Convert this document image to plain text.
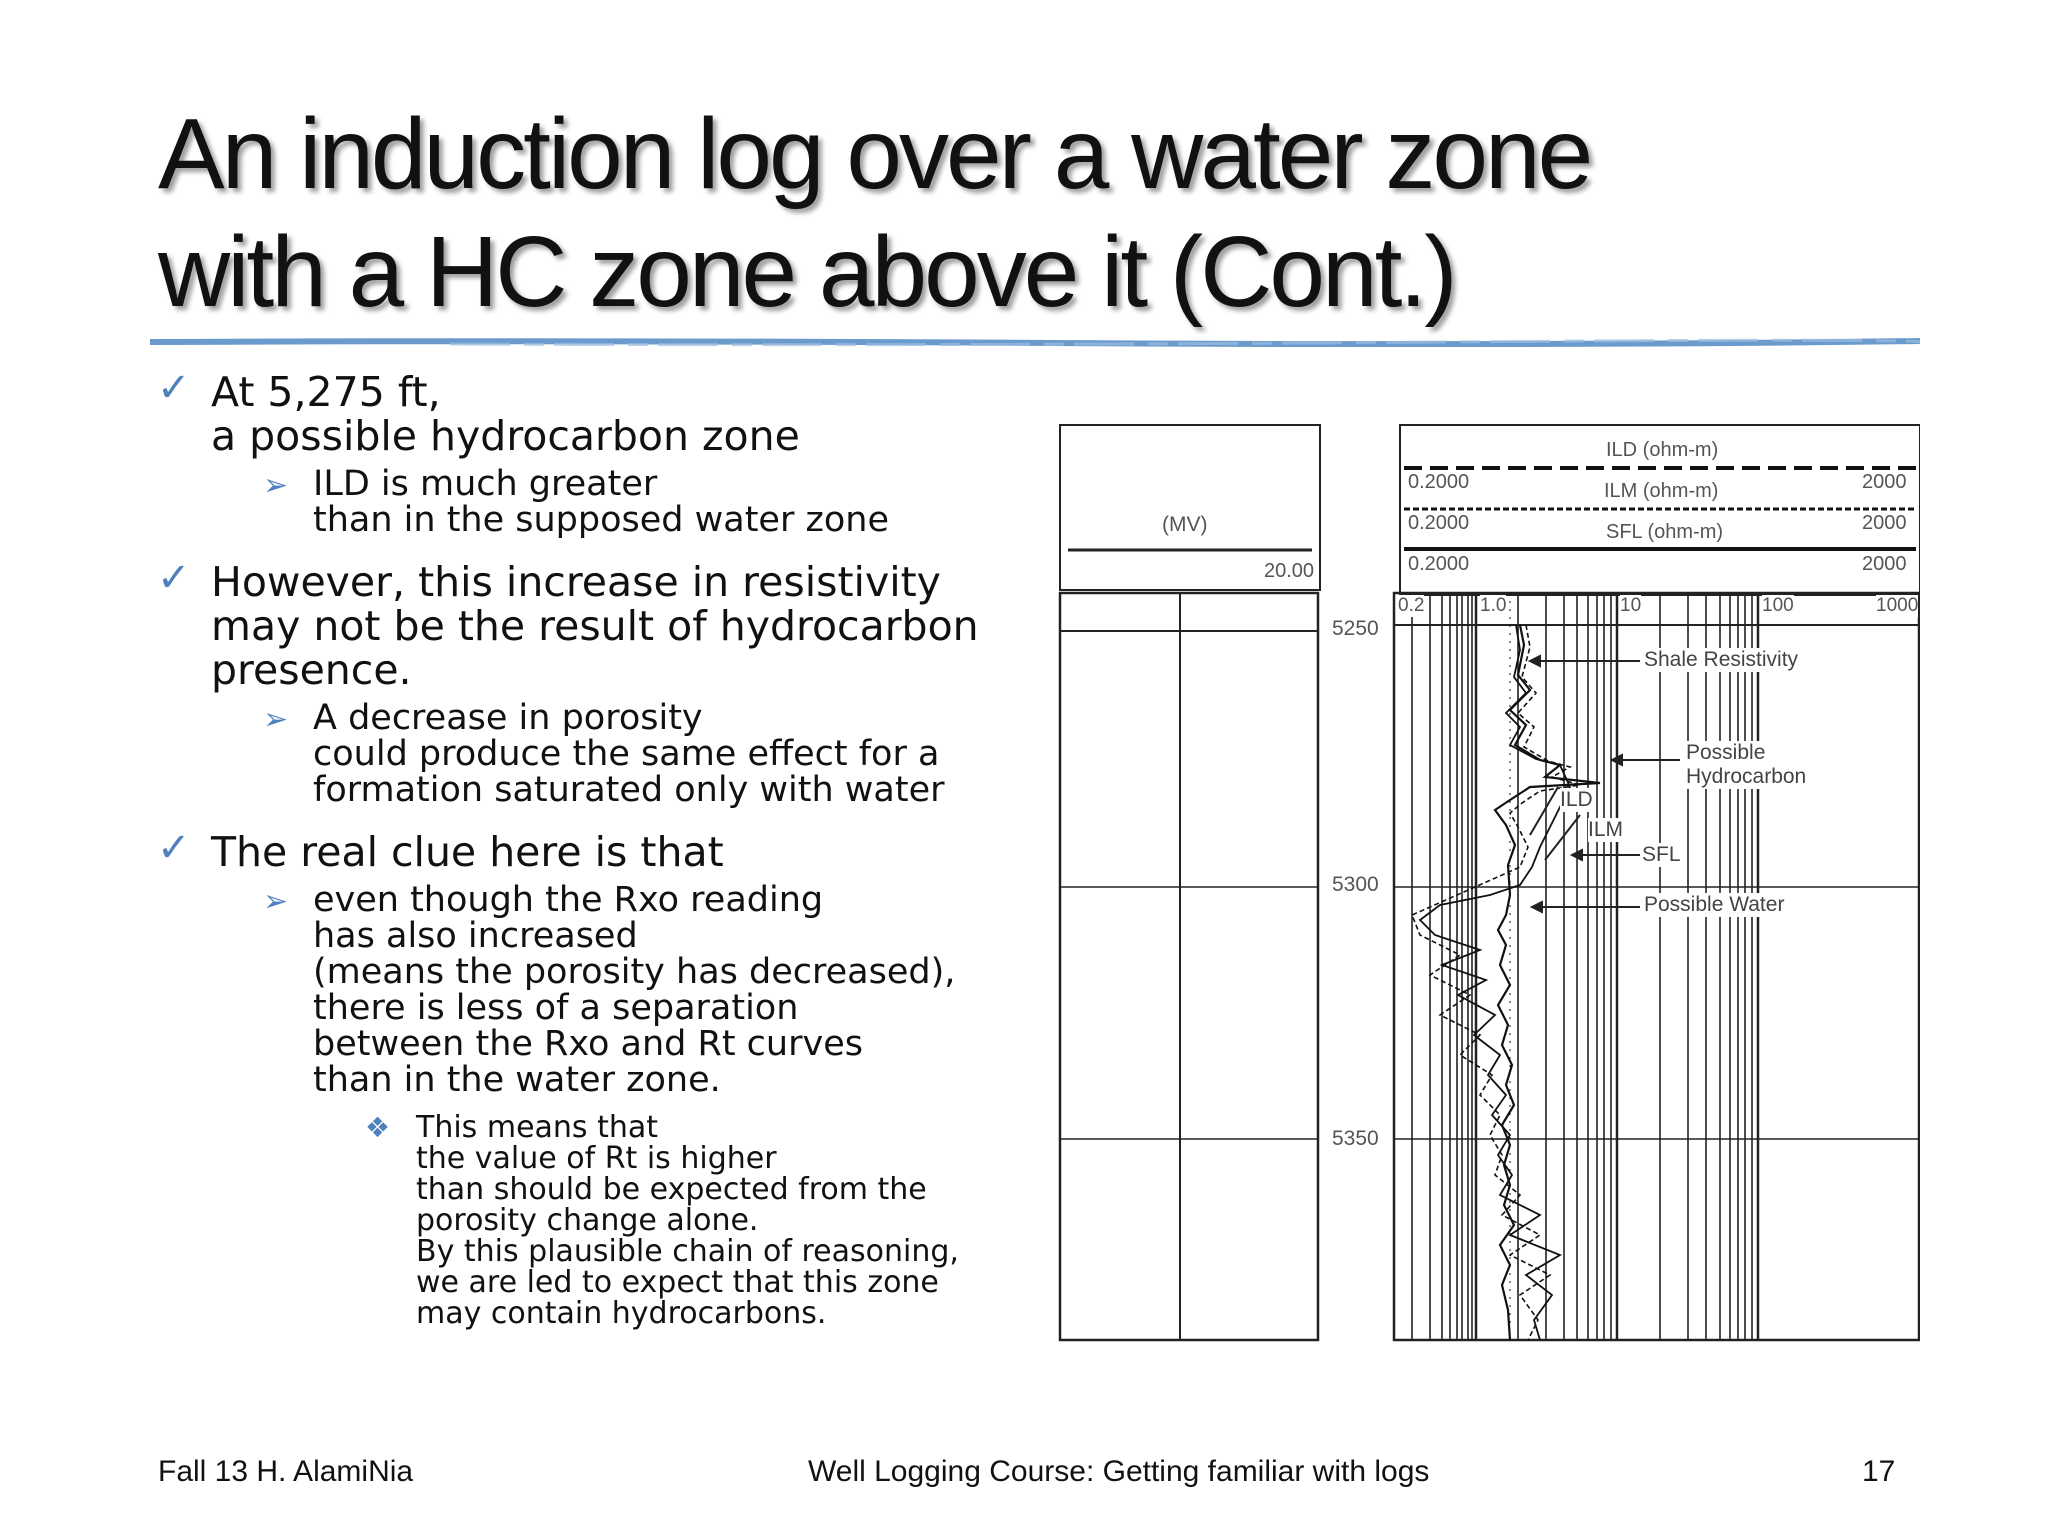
An induction log over a water zone
with a HC zone above it (Cont.)
✓ At 5,275 ft,
a possible hydrocarbon zone
➢ ILD is much greater
than in the supposed water zone
✓ However, this increase in resistivity
may not be the result of hydrocarbon
presence.
➢ A decrease in porosity
could produce the same effect for a
formation saturated only with water
✓ The real clue here is that
➢ even though the Rxo reading
has also increased
(means the porosity has decreased),
there is less of a separation
between the Rxo and Rt curves
than in the water zone.
❖ This means that
the value of Rt is higher
than should be expected from the
porosity change alone.
By this plausible chain of reasoning,
we are led to expect that this zone
may contain hydrocarbons.
(MV)
20.00
ILD (ohm-m)
0.2000	2000
ILM (ohm-m)
0.2000	2000
SFL (ohm-m)
0.2000	2000
0.2	1.0	10	100	1000
5250
5300
5350
Shale Resistivity
Possible
Hydrocarbon
ILD
ILM
SFL
Possible Water
Fall 13 H. AlamiNia	Well Logging Course: Getting familiar with logs	17
